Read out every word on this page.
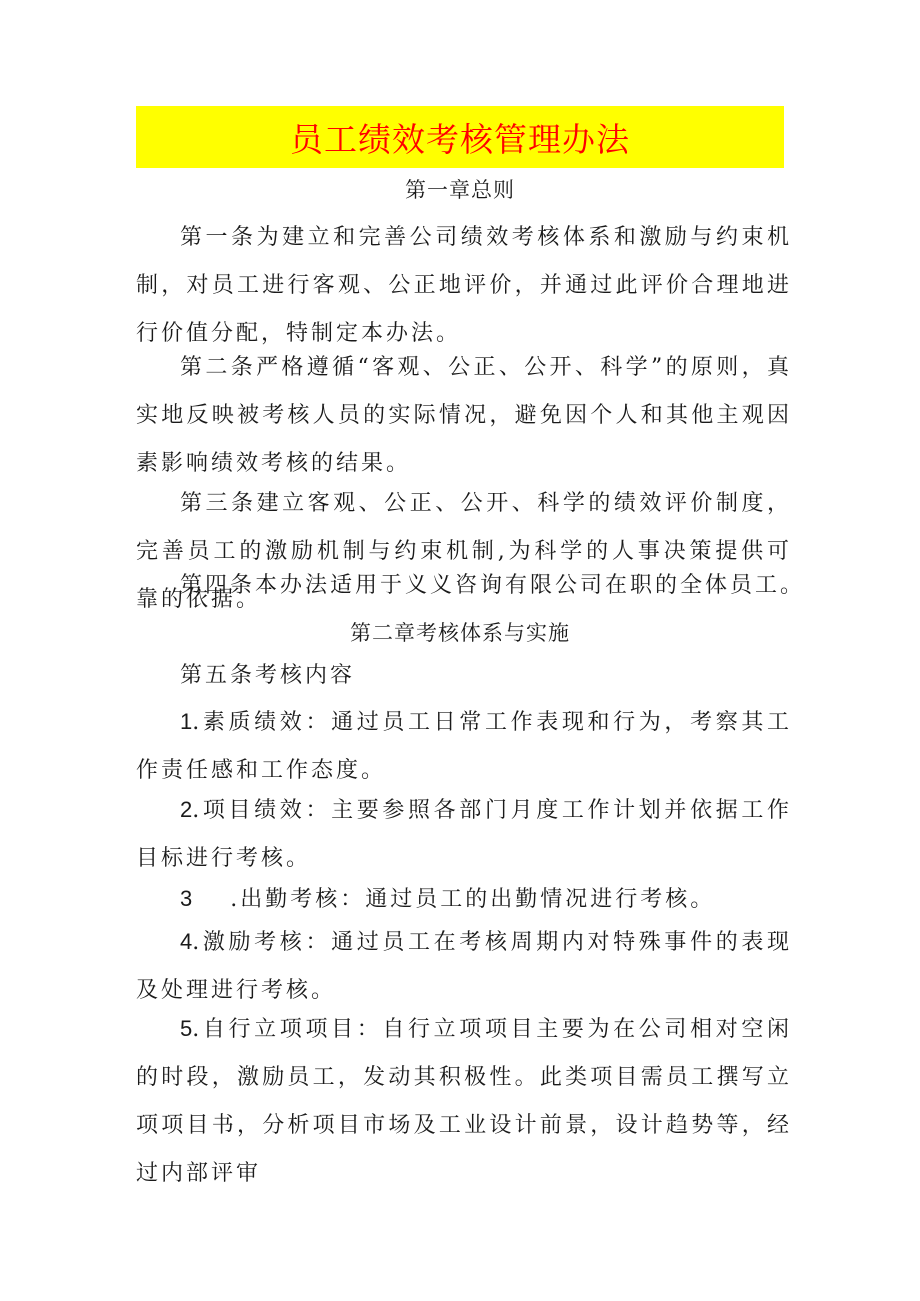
员工绩效考核管理办法
第一章总则
第一条为建立和完善公司绩效考核体系和激励与约束机制，对员工进行客观、公正地评价，并通过此评价合理地进行价值分配，特制定本办法。
第二条严格遵循“客观、公正、公开、科学”的原则，真实地反映被考核人员的实际情况，避免因个人和其他主观因素影响绩效考核的结果。
第三条建立客观、公正、公开、科学的绩效评价制度，完善员工的激励机制与约束机制,为科学的人事决策提供可靠的依据。
第四条本办法适用于义义咨询有限公司在职的全体员工。
第二章考核体系与实施
第五条考核内容
1.素质绩效：通过员工日常工作表现和行为，考察其工作责任感和工作态度。
2.项目绩效：主要参照各部门月度工作计划并依据工作目标进行考核。
3 .出勤考核：通过员工的出勤情况进行考核。
4.激励考核：通过员工在考核周期内对特殊事件的表现及处理进行考核。
5.自行立项项目：自行立项项目主要为在公司相对空闲的时段，激励员工，发动其积极性。此类项目需员工撰写立项项目书，分析项目市场及工业设计前景，设计趋势等，经过内部评审
